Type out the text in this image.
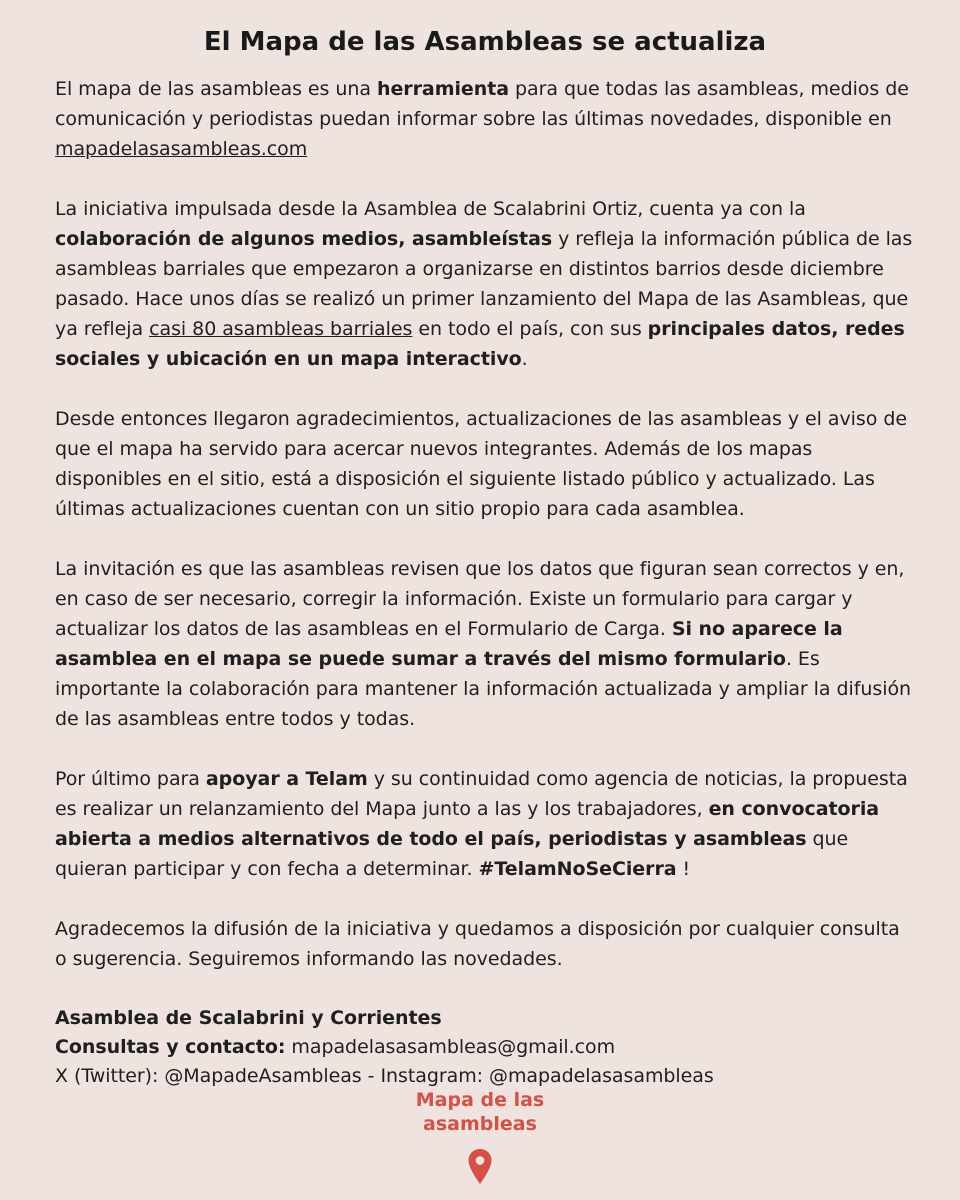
El Mapa de las Asambleas se actualiza

El mapa de las asambleas es una herramienta para que todas las asambleas, medios de comunicación y periodistas puedan informar sobre las últimas novedades, disponible en mapadelasasambleas.com

La iniciativa impulsada desde la Asamblea de Scalabrini Ortiz, cuenta ya con la colaboración de algunos medios, asambleístas y refleja la información pública de las asambleas barriales que empezaron a organizarse en distintos barrios desde diciembre pasado. Hace unos días se realizó un primer lanzamiento del Mapa de las Asambleas, que ya refleja casi 80 asambleas barriales en todo el país, con sus principales datos, redes sociales y ubicación en un mapa interactivo.

Desde entonces llegaron agradecimientos, actualizaciones de las asambleas y el aviso de que el mapa ha servido para acercar nuevos integrantes. Además de los mapas disponibles en el sitio, está a disposición el siguiente listado público y actualizado. Las últimas actualizaciones cuentan con un sitio propio para cada asamblea.

La invitación es que las asambleas revisen que los datos que figuran sean correctos y en, en caso de ser necesario, corregir la información. Existe un formulario para cargar y actualizar los datos de las asambleas en el Formulario de Carga. Si no aparece la asamblea en el mapa se puede sumar a través del mismo formulario. Es importante la colaboración para mantener la información actualizada y ampliar la difusión de las asambleas entre todos y todas.

Por último para apoyar a Telam y su continuidad como agencia de noticias, la propuesta es realizar un relanzamiento del Mapa junto a las y los trabajadores, en convocatoria abierta a medios alternativos de todo el país, periodistas y asambleas que quieran participar y con fecha a determinar. #TelamNoSeCierra !

Agradecemos la difusión de la iniciativa y quedamos a disposición por cualquier consulta o sugerencia. Seguiremos informando las novedades.

Asamblea de Scalabrini y Corrientes

Consultas y contacto: mapadelasasambleas@gmail.com

X (Twitter): @MapadeAsambleas - Instagram: @mapadelasasambleas

Mapa de las
asambleas
